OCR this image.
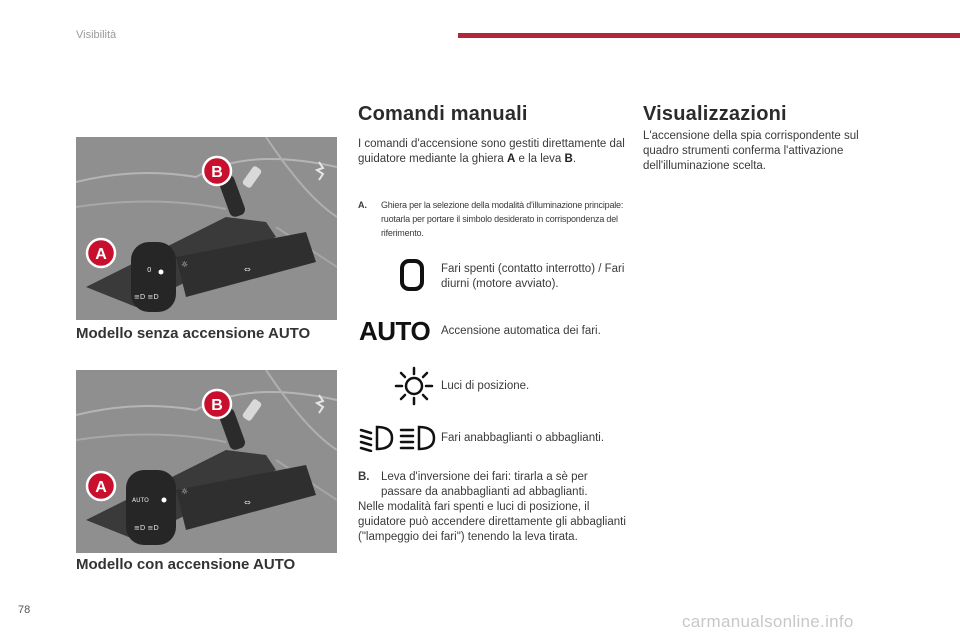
Visibilità
0	⇔
☼
≡D ≡D
A
B
Modello senza accensione AUTO
AUTO	⇔
☼
≡D ≡D
A
B
Modello con accensione AUTO
Comandi manuali
I comandi d'accensione sono gestiti direttamente dal guidatore mediante la ghiera A e la leva B.
A.	Ghiera per la selezione della modalità d'illuminazione principale: ruotarla per portare il simbolo desiderato in corrispondenza del riferimento.
Fari spenti (contatto interrotto) / Fari diurni (motore avviato).
AUTO Accensione automatica dei fari.
Luci di posizione.
Fari anabbaglianti o abbaglianti.
B.	Leva d'inversione dei fari: tirarla a sè per passare da anabbaglianti ad abbaglianti.
Nelle modalità fari spenti e luci di posizione, il guidatore può accendere direttamente gli abbaglianti ("lampeggio dei fari") tenendo la leva tirata.
Visualizzazioni
L'accensione della spia corrispondente sul quadro strumenti conferma l'attivazione dell'illuminazione scelta.
78
carmanualsonline.info
